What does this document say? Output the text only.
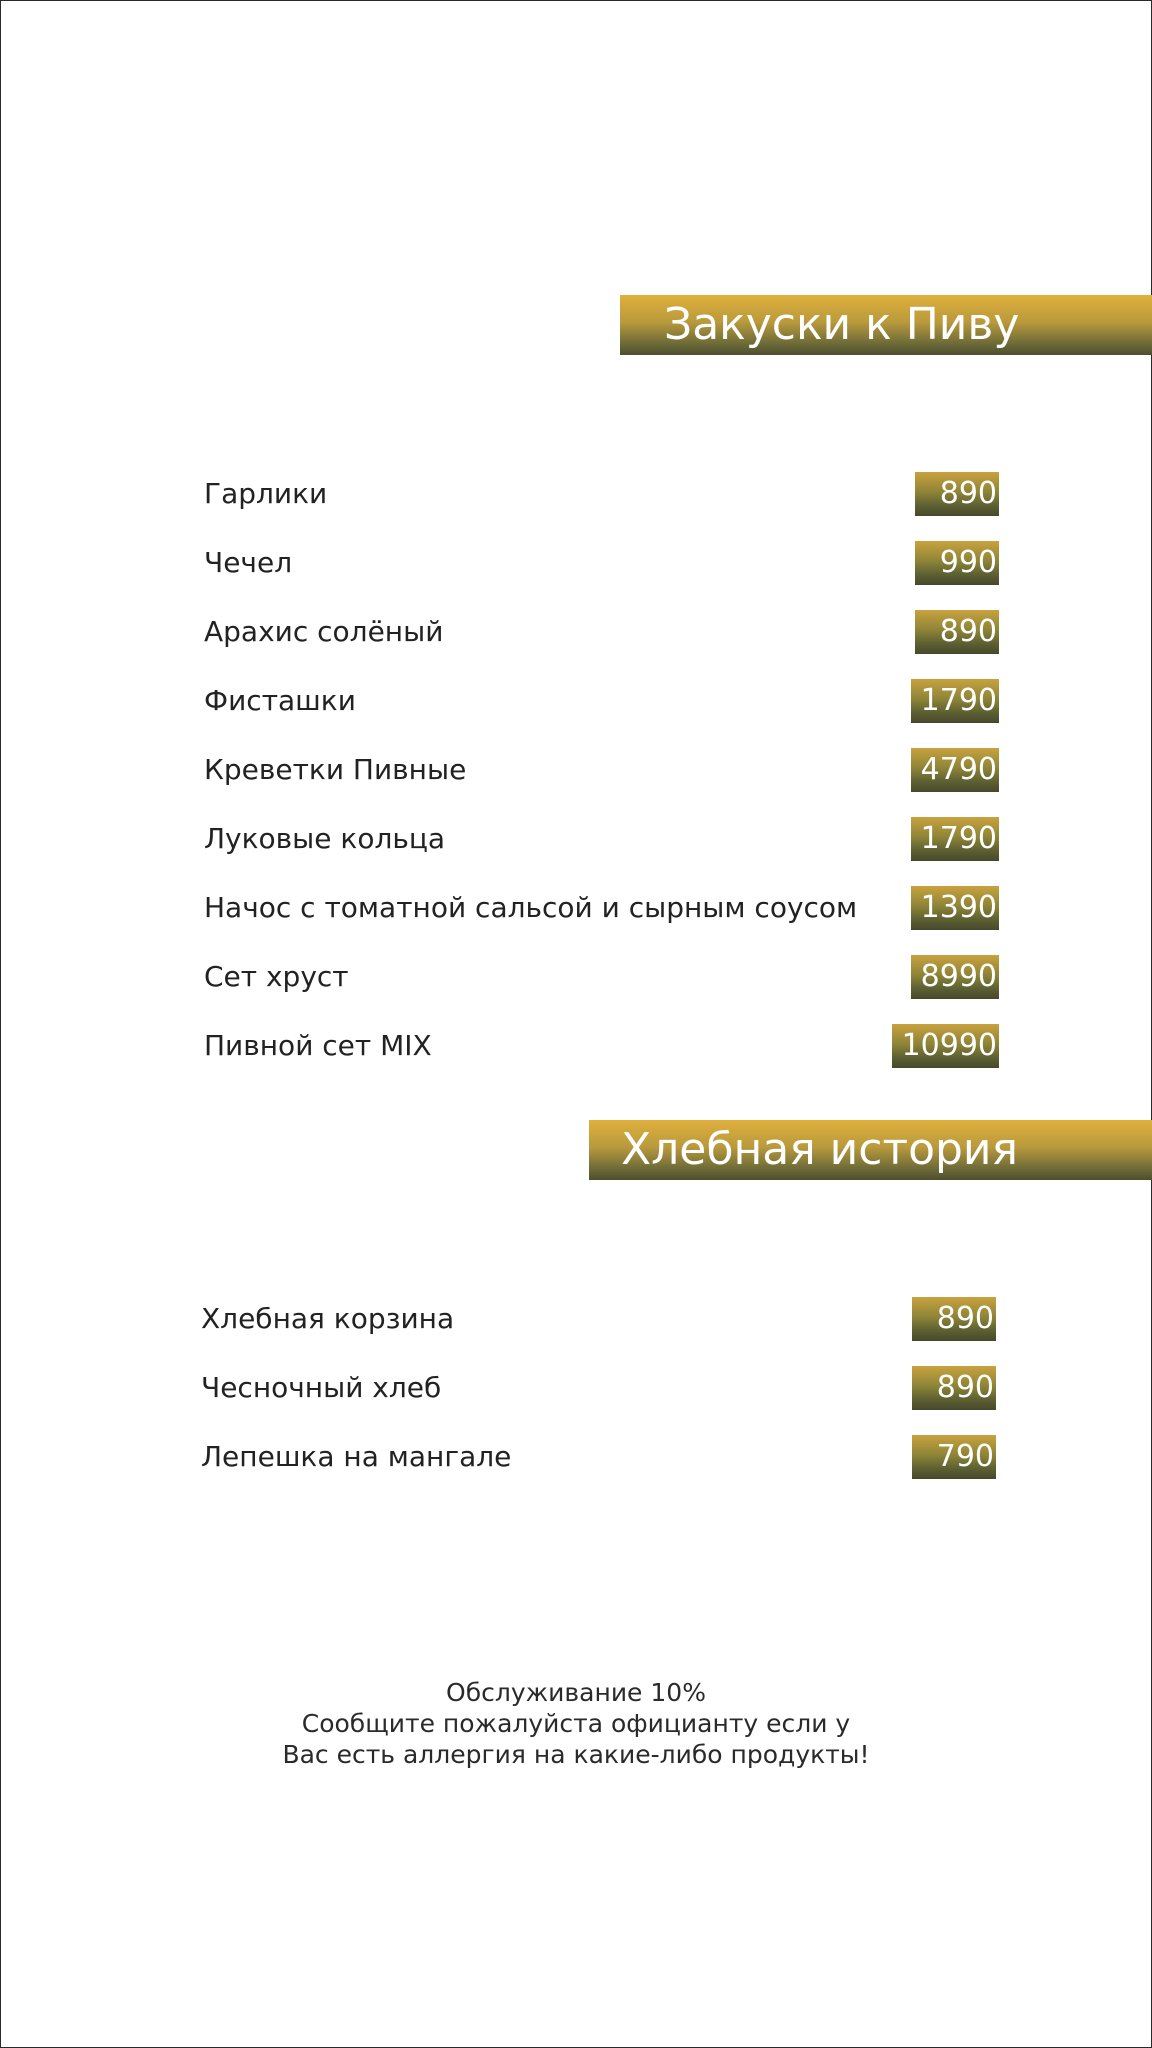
Закуски к Пиву
Гарлики	890
Чечел	990
Арахис солёный	890
Фисташки	1790
Креветки Пивные	4790
Луковые кольца	1790
Начос с томатной сальсой и сырным соусом	1390
Сет хруст	8990
Пивной сет MIX	10990
Хлебная история
Хлебная корзина	890
Чесночный хлеб	890
Лепешка на мангале	790
Обслуживание 10%
Сообщите пожалуйста официанту если у
Вас есть аллергия на какие-либо продукты!
